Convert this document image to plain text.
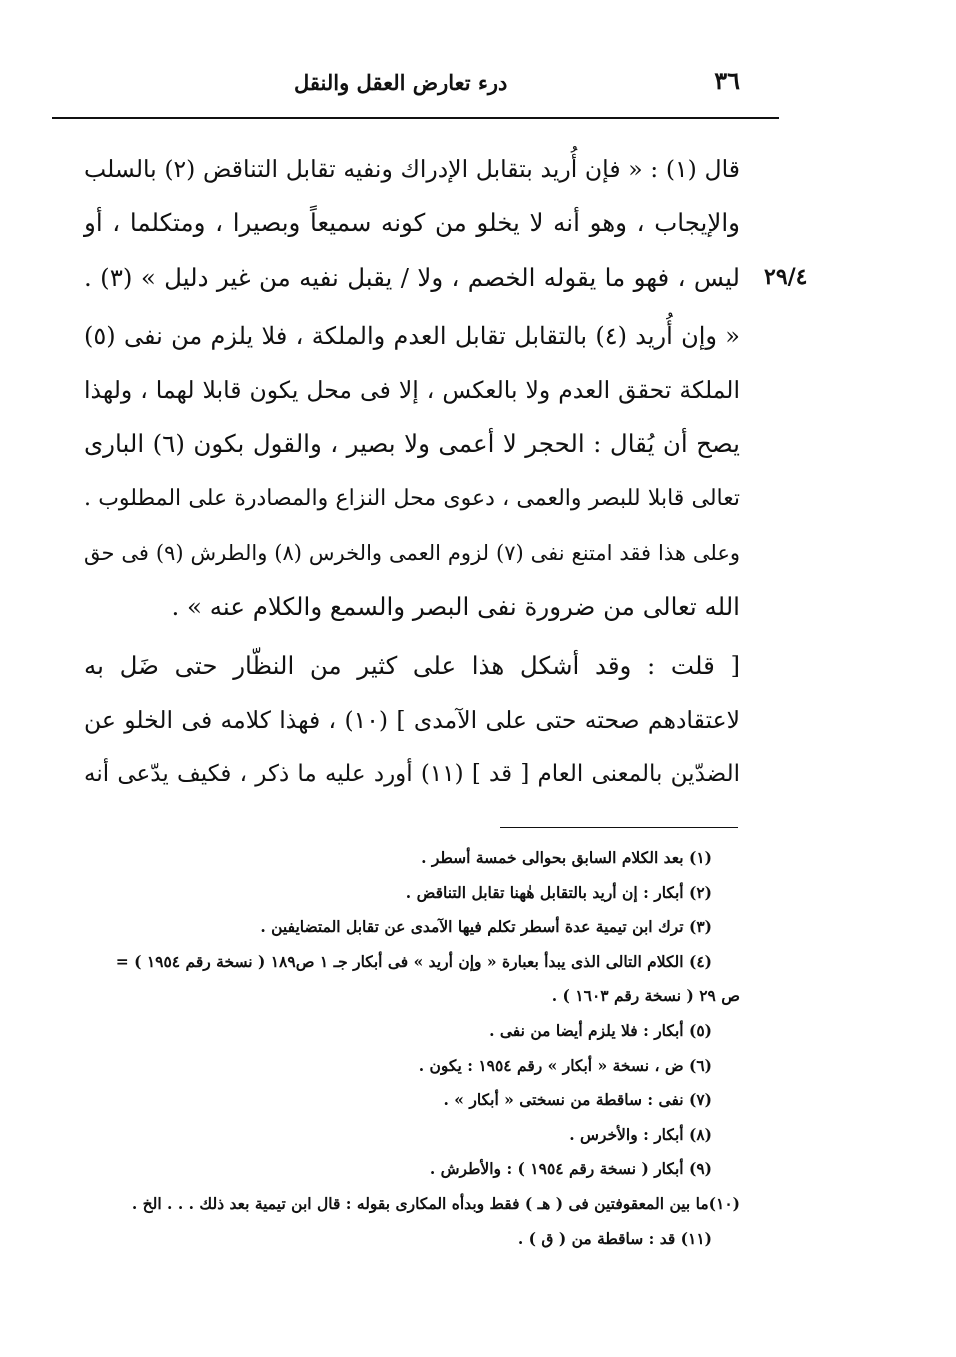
٣٦
درء تعارض العقل والنقل
٢٩/٤
قال (١) : « فإن أُريد بتقابل الإدراك ونفيه تقابل التناقض (٢) بالسلب
والإيجاب ، وهو أنه لا يخلو من كونه سميعاً وبصيرا ، ومتكلما ، أو
ليس ، فهو ما يقوله الخصم ، ولا / يقبل نفيه من غير دليل » (٣) .
« وإن أُريد (٤) بالتقابل تقابل العدم والملكة ، فلا يلزم من نفى (٥)
الملكة تحقق العدم ولا بالعكس ، إلا فى محل يكون قابلا لهما ، ولهذا
يصح أن يُقال : الحجر لا أعمى ولا بصير ، والقول بكون (٦) البارى
تعالى قابلا للبصر والعمى ، دعوى محل النزاع والمصادرة على المطلوب .
وعلى هذا فقد امتنع نفى (٧) لزوم العمى والخرس (٨) والطرش (٩) فى حق
الله تعالى من ضرورة نفى البصر والسمع والكلام عنه » .
[ قلت : وقد أشكل هذا على كثير من النظّار حتى ضَل به
لاعتقادهم صحته حتى على الآمدى ] (١٠) ، فهذا كلامه فى الخلو عن
الضدّين بالمعنى العام [ قد ] (١١) أورد عليه ما ذكر ، فكيف يدّعى أنه
(١) بعد الكلام السابق بحوالى خمسة أسطر .
(٢) أبكار : إن أريد بالتقابل هٰهنا تقابل التناقض .
(٣) ترك ابن تيمية عدة أسطر تكلم فيها الآمدى عن تقابل المتضايفين .
(٤) الكلام التالى الذى يبدأ بعبارة « وإن أريد » فى أبكار جـ ١ ص١٨٩ ( نسخة رقم ١٩٥٤ ) =
ص ٢٩ ( نسخة رقم ١٦٠٣ ) .
(٥) أبكار : فلا يلزم أيضا من نفى .
(٦) ض ، نسخة « أبكار » رقم ١٩٥٤ : يكون .
(٧) نفى : ساقطة من نسختى « أبكار » .
(٨) أبكار : والأخرس .
(٩) أبكار ( نسخة رقم ١٩٥٤ ) : والأطرش .
(١٠)ما بين المعقوفتين فى ( هـ ) فقط وبدأه المكارى بقوله : قال ابن تيمية بعد ذلك . . . الخ .
(١١) قد : ساقطة من ( ق ) .
